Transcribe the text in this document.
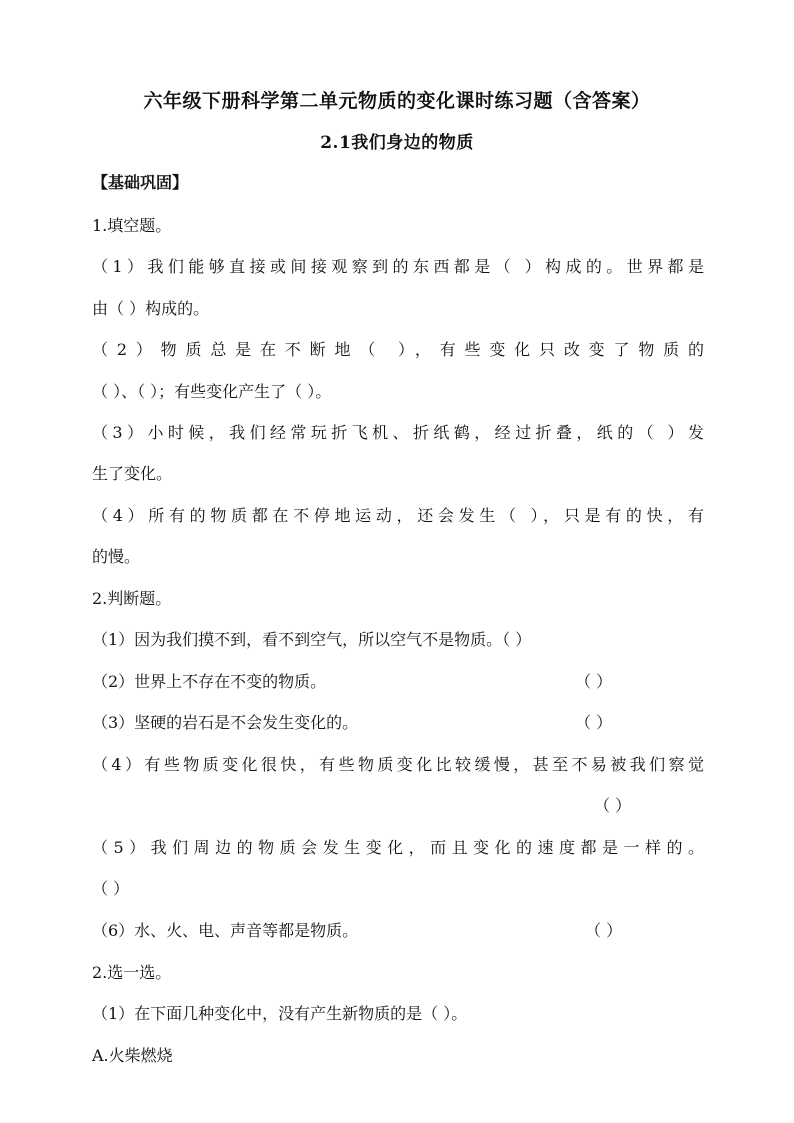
六年级下册科学第二单元物质的变化课时练习题（含答案）
2.1我们身边的物质
【基础巩固】
1.填空题。
（1）我们能够直接或间接观察到的东西都是（ ）构成的。世界都是
由（ ）构成的。
（2）物质总是在不断地（ ），有些变化只改变了物质的
（ ）、（ ）；有些变化产生了（ ）。
（3）小时候，我们经常玩折飞机、折纸鹤，经过折叠，纸的（ ）发
生了变化。
（4）所有的物质都在不停地运动，还会发生（ ），只是有的快，有
的慢。
2.判断题。
（1）因为我们摸不到，看不到空气，所以空气不是物质。（ ）
（2）世界上不存在不变的物质。	（ ）
（3）坚硬的岩石是不会发生变化的。	（ ）
（4）有些物质变化很快，有些物质变化比较缓慢，甚至不易被我们察觉
（ ）
（5）我们周边的物质会发生变化，而且变化的速度都是一样的。
（ ）
（6）水、火、电、声音等都是物质。	（ ）
2.选一选。
（1）在下面几种变化中，没有产生新物质的是（ ）。
A.火柴燃烧
